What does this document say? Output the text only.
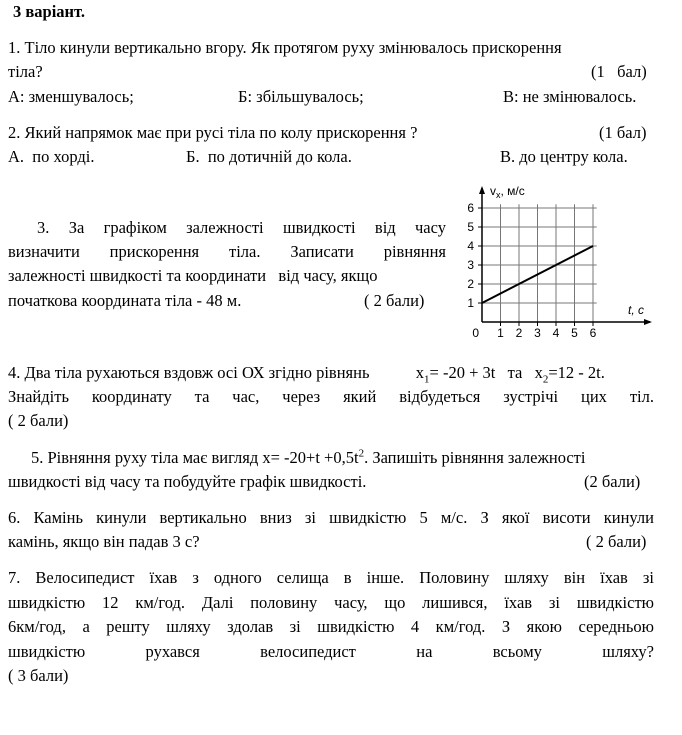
3 варіант.
1. Тіло кинули вертикально вгору. Як протягом руху змінювалось прискорення
тіла?	(1   бал)
А: зменшувалось;	Б: збільшувалось;	В: не змінювалось.
2. Який напрямок має при русі тіла по колу прискорення ?	(1 бал)
А.  по хорді.	Б.  по дотичній до кола.	В. до центру кола.
3. За графіком залежності швидкості від часу
визначити прискорення тіла. Записати рівняння
залежності швидкості та координати   від часу, якщо
початкова координата тіла - 48 м.	( 2 бали)
1 2 3 4 5 6
1
2
3
4
5
6
0
$v_x$, м/с
t, c
4. Два тіла рухаються вздовж осі ОХ згідно рівнянь	$x_1= -20 + 3t$ та $x_2=12 - 2t$.
Знайдіть координату та час, через який відбудеться зустрічі цих тіл.
( 2 бали)
5. Рівняння руху тіла має вигляд $x= -20+t +0,5t^2$. Запишіть рівняння залежності
швидкості від часу та побудуйте графік швидкості.	(2 бали)
6. Камінь кинули вертикально вниз зі швидкістю 5 м/с. З якої висоти кинули
камінь, якщо він падав 3 с?	( 2 бали)
7. Велосипедист їхав з одного селища в інше. Половину шляху він їхав зі
швидкістю 12 км/год. Далі половину часу, що лишився, їхав зі швидкістю
6км/год, а решту шляху здолав зі швидкістю 4 км/год. З якою середньою
швидкістю рухався велосипедист на всьому шляху?
( 3 бали)
